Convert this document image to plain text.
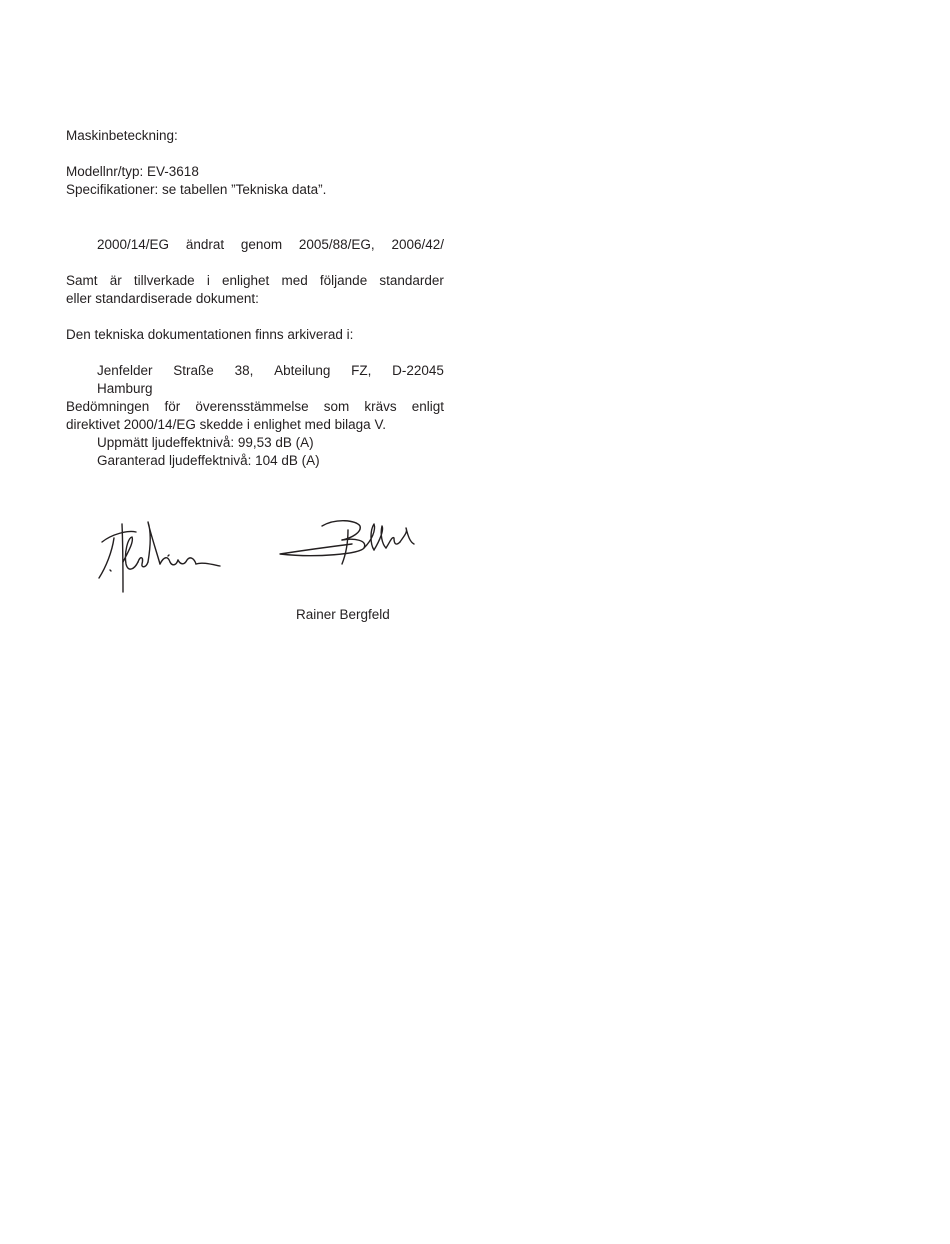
Maskinbeteckning:
Modellnr/typ: EV-3618
Specifikationer: se tabellen ”Tekniska data”.
2000/14/EG ändrat genom 2005/88/EG, 2006/42/
Samt är tillverkade i enlighet med följande standarder
eller standardiserade dokument:
Den tekniska dokumentationen finns arkiverad i:
Jenfelder Straße 38, Abteilung FZ, D-22045
Hamburg
Bedömningen för överensstämmelse som krävs enligt
direktivet 2000/14/EG skedde i enlighet med bilaga V.
Uppmätt ljudeffektnivå: 99,53 dB (A)
Garanterad ljudeffektnivå: 104 dB (A)
Rainer Bergfeld
